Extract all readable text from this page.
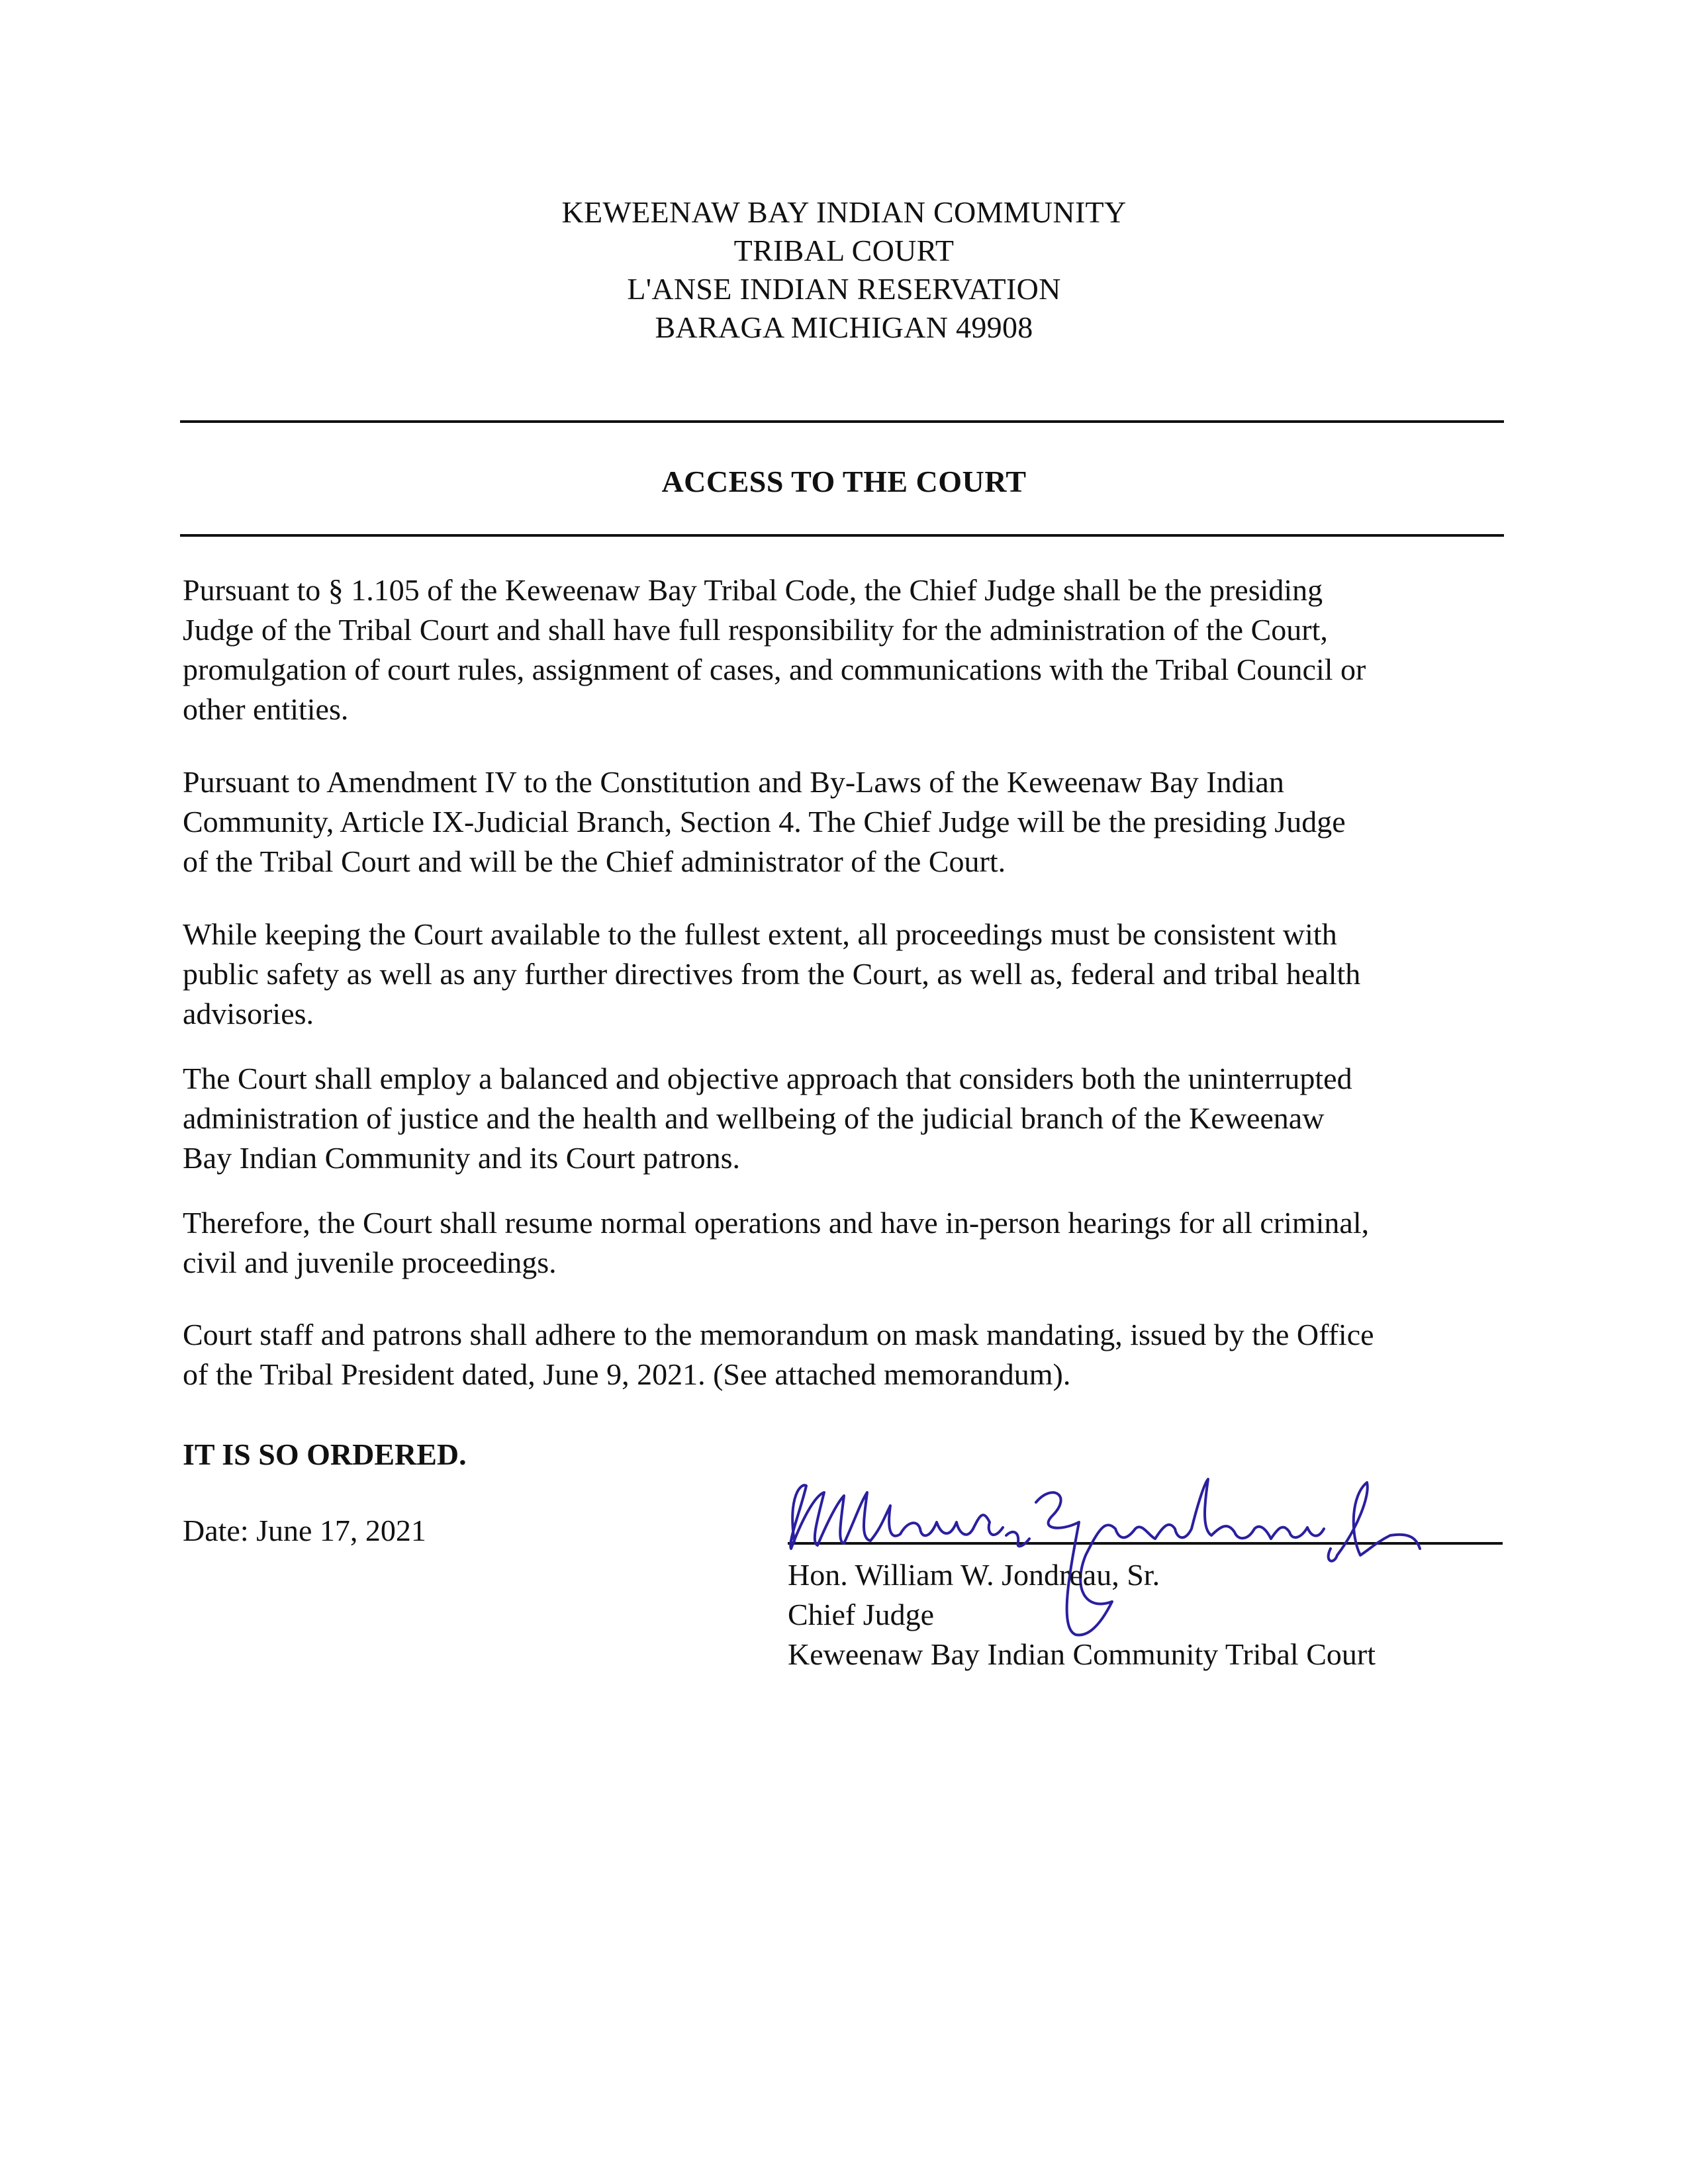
KEWEENAW BAY INDIAN COMMUNITY
TRIBAL COURT
L'ANSE INDIAN RESERVATION
BARAGA MICHIGAN 49908
ACCESS TO THE COURT
Pursuant to § 1.105 of the Keweenaw Bay Tribal Code, the Chief Judge shall be the presiding
Judge of the Tribal Court and shall have full responsibility for the administration of the Court,
promulgation of court rules, assignment of cases, and communications with the Tribal Council or
other entities.
Pursuant to Amendment IV to the Constitution and By-Laws of the Keweenaw Bay Indian
Community, Article IX-Judicial Branch, Section 4. The Chief Judge will be the presiding Judge
of the Tribal Court and will be the Chief administrator of the Court.
While keeping the Court available to the fullest extent, all proceedings must be consistent with
public safety as well as any further directives from the Court, as well as, federal and tribal health
advisories.
The Court shall employ a balanced and objective approach that considers both the uninterrupted
administration of justice and the health and wellbeing of the judicial branch of the Keweenaw
Bay Indian Community and its Court patrons.
Therefore, the Court shall resume normal operations and have in-person hearings for all criminal,
civil and juvenile proceedings.
Court staff and patrons shall adhere to the memorandum on mask mandating, issued by the Office
of the Tribal President dated, June 9, 2021. (See attached memorandum).
IT IS SO ORDERED.
Date: June 17, 2021
Hon. William W. Jondreau, Sr.
Chief Judge
Keweenaw Bay Indian Community Tribal Court
